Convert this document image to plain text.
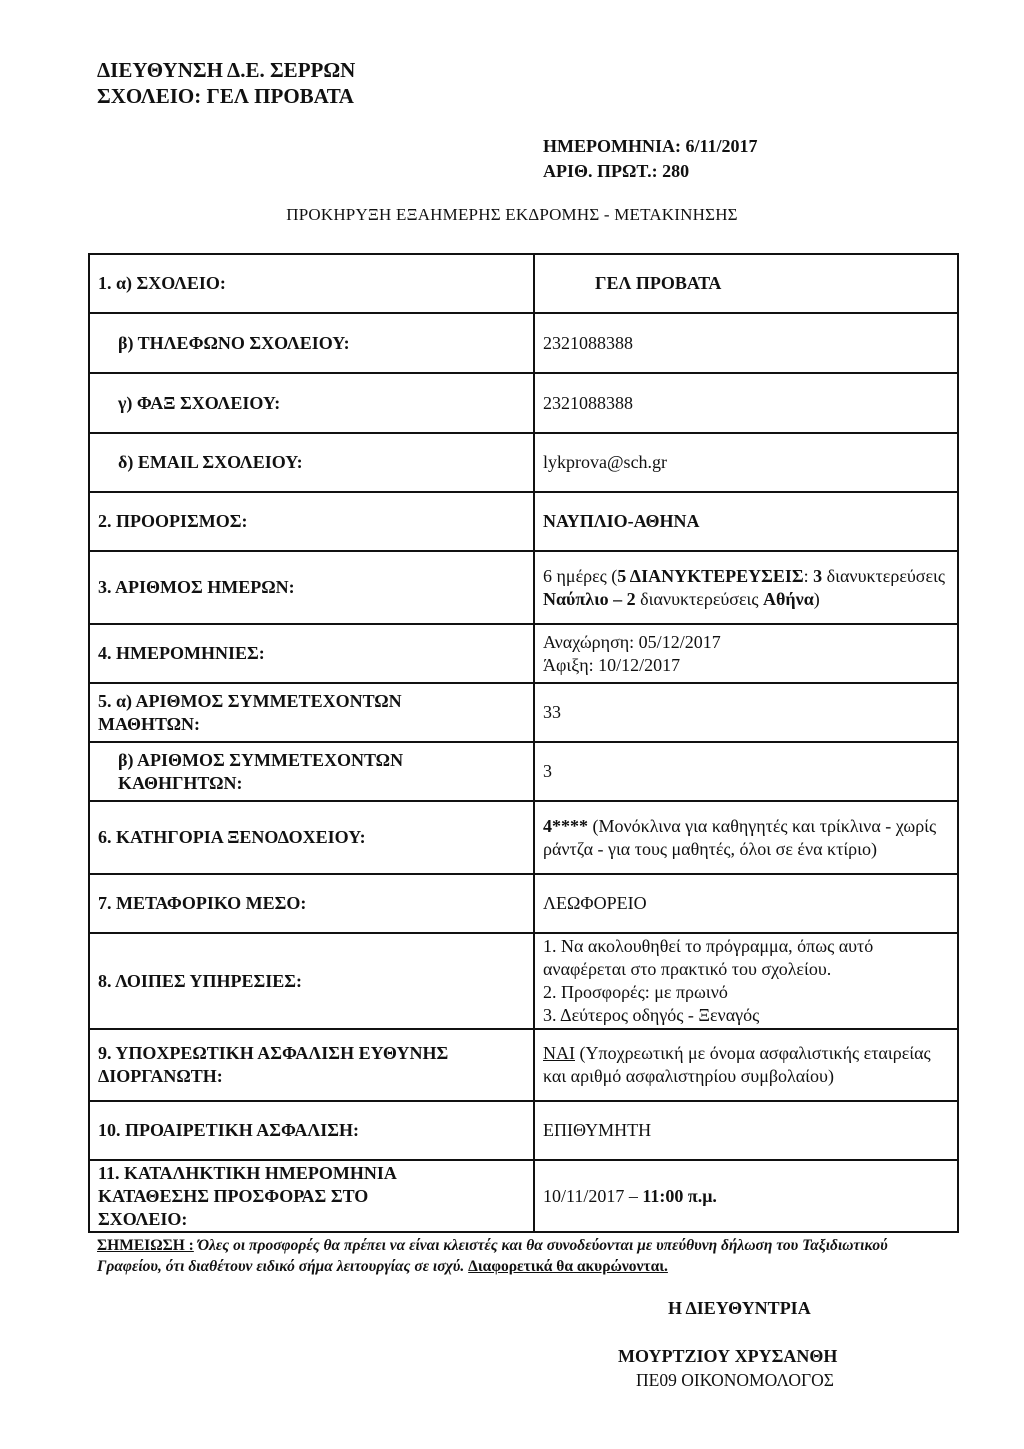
ΔΙΕΥΘΥΝΣΗ Δ.Ε. ΣΕΡΡΩΝ
ΣΧΟΛΕΙΟ: ΓΕΛ ΠΡΟΒΑΤΑ
ΗΜΕΡΟΜΗΝΙΑ: 6/11/2017
ΑΡΙΘ. ΠΡΩΤ.: 280
ΠΡΟΚΗΡΥΞΗ ΕΞΑΗΜΕΡΗΣ ΕΚΔΡΟΜΗΣ - ΜΕΤΑΚΙΝΗΣΗΣ
1. α) ΣΧΟΛΕΙΟ:	ΓΕΛ ΠΡΟΒΑΤΑ
β) ΤΗΛΕΦΩΝΟ ΣΧΟΛΕΙΟΥ:	2321088388
γ) ΦΑΞ ΣΧΟΛΕΙΟΥ:	2321088388
δ) EMAIL ΣΧΟΛΕΙΟΥ:	lykprova@sch.gr
2. ΠΡΟΟΡΙΣΜΟΣ:	ΝΑΥΠΛΙΟ-ΑΘΗΝΑ
3. ΑΡΙΘΜΟΣ ΗΜΕΡΩΝ:	6 ημέρες (5 ΔΙΑΝΥΚΤΕΡΕΥΣΕΙΣ: 3 διανυκτερεύσεις Ναύπλιο – 2 διανυκτερεύσεις Αθήνα)
4. ΗΜΕΡΟΜΗΝΙΕΣ:	Αναχώρηση: 05/12/2017
Άφιξη: 10/12/2017

5. α) ΑΡΙΘΜΟΣ ΣΥΜΜΕΤΕΧΟΝΤΩΝ ΜΑΘΗΤΩΝ:	33

β) ΑΡΙΘΜΟΣ ΣΥΜΜΕΤΕΧΟΝΤΩΝ ΚΑΘΗΓΗΤΩΝ:	3
6. ΚΑΤΗΓΟΡΙΑ ΞΕΝΟΔΟΧΕΙΟΥ:	4**** (Μονόκλινα για καθηγητές και τρίκλινα - χωρίς ράντζα - για τους μαθητές, όλοι σε ένα κτίριο)
7. ΜΕΤΑΦΟΡΙΚΟ ΜΕΣΟ:	ΛΕΩΦΟΡΕΙΟ
8. ΛΟΙΠΕΣ ΥΠΗΡΕΣΙΕΣ:	1. Να ακολουθηθεί το πρόγραμμα, όπως αυτό αναφέρεται στο πρακτικό του σχολείου.
2. Προσφορές: με πρωινό
3. Δεύτερος οδηγός - Ξεναγός

9. ΥΠΟΧΡΕΩΤΙΚΗ ΑΣΦΑΛΙΣΗ ΕΥΘΥΝΗΣ ΔΙΟΡΓΑΝΩΤΗ:	ΝΑΙ (Υποχρεωτική με όνομα ασφαλιστικής εταιρείας και αριθμό ασφαλιστηρίου συμβολαίου)
10. ΠΡΟΑΙΡΕΤΙΚΗ ΑΣΦΑΛΙΣΗ:	ΕΠΙΘΥΜΗΤΗ

11. ΚΑΤΑΛΗΚΤΙΚΗ ΗΜΕΡΟΜΗΝΙΑ ΚΑΤΑΘΕΣΗΣ ΠΡΟΣΦΟΡΑΣ ΣΤΟ ΣΧΟΛΕΙΟ:	10/11/2017 – 11:00 π.μ.
ΣΗΜΕΙΩΣΗ : Όλες οι προσφορές θα πρέπει να είναι κλειστές και θα συνοδεύονται με υπεύθυνη δήλωση του Ταξιδιωτικού Γραφείου, ότι διαθέτουν ειδικό σήμα λειτουργίας σε ισχύ. Διαφορετικά θα ακυρώνονται.
Η ΔΙΕΥΘΥΝΤΡΙΑ
ΜΟΥΡΤΖΙΟΥ ΧΡΥΣΑΝΘΗ
ΠΕ09 ΟΙΚΟΝΟΜΟΛΟΓΟΣ
